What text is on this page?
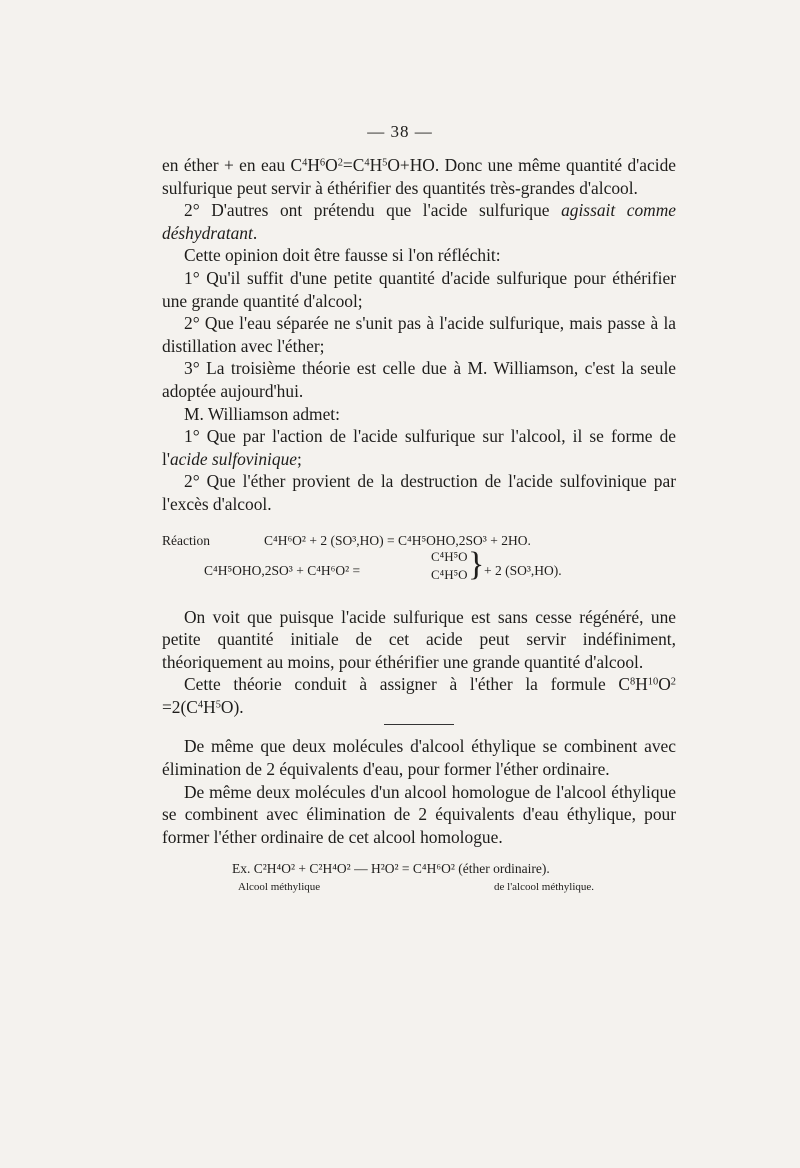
— 38 —

en éther + en eau $C^4H^6O^2=C^4H^5O+HO$. Donc une même quantité d'acide sulfurique peut servir à éthérifier des quantités très-grandes d'alcool.

2° D'autres ont prétendu que l'acide sulfurique agissait comme déshydratant.

Cette opinion doit être fausse si l'on réfléchit:

1° Qu'il suffit d'une petite quantité d'acide sulfurique pour éthérifier une grande quantité d'alcool;

2° Que l'eau séparée ne s'unit pas à l'acide sulfurique, mais passe à la distillation avec l'éther;

3° La troisième théorie est celle due à M. Williamson, c'est la seule adoptée aujourd'hui.

M. Williamson admet:

1° Que par l'action de l'acide sulfurique sur l'alcool, il se forme de l'acide sulfovinique;

2° Que l'éther provient de la destruction de l'acide sulfovinique par l'excès d'alcool.

Réaction	C⁴H⁶O² + 2 (SO³,HO) = C⁴H⁵OHO,2SO³ + 2HO.
C⁴H⁵OHO,2SO³ + C⁴H⁶O² =
C⁴H⁵O
C⁴H⁵O } + 2 (SO³,HO).

On voit que puisque l'acide sulfurique est sans cesse régénéré, une petite quantité initiale de cet acide peut servir indéfiniment, théoriquement au moins, pour éthérifier une grande quantité d'alcool.

Cette théorie conduit à assigner à l'éther la formule $C^8H^{10}O^2 =2(C^4H^5O)$.

De même que deux molécules d'alcool éthylique se combinent avec élimination de 2 équivalents d'eau, pour former l'éther ordinaire.

De même deux molécules d'un alcool homologue de l'alcool éthylique se combinent avec élimination de 2 équivalents d'eau éthylique, pour former l'éther ordinaire de cet alcool homologue.

Ex. C²H⁴O² + C²H⁴O² — H²O² = C⁴H⁶O² (éther ordinaire).
Alcool méthylique	de l'alcool méthylique.
